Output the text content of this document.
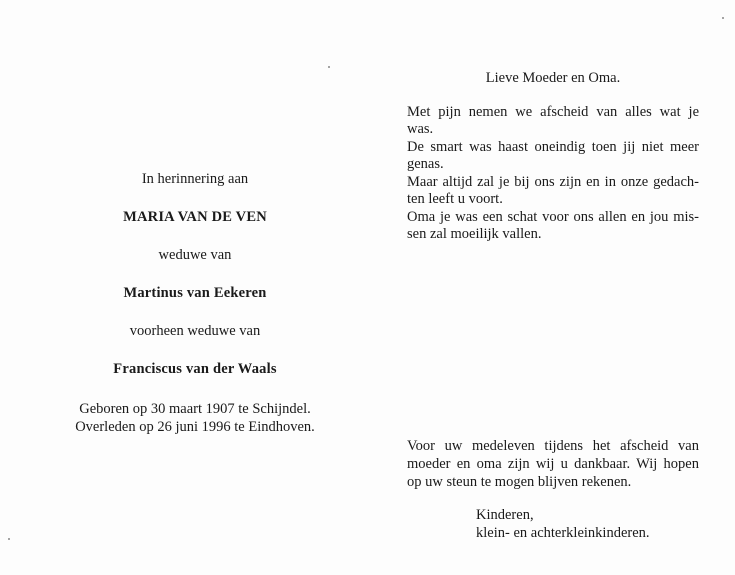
In herinnering aan
MARIA VAN DE VEN
weduwe van
Martinus van Eekeren
voorheen weduwe van
Franciscus van der Waals
Geboren op 30 maart 1907 te Schijndel.
Overleden op 26 juni 1996 te Eindhoven.
Lieve Moeder en Oma.
Met pijn nemen we afscheid van alles wat je
was.
De smart was haast oneindig toen jij niet meer
genas.
Maar altijd zal je bij ons zijn en in onze gedach-
ten leeft u voort.
Oma je was een schat voor ons allen en jou mis-
sen zal moeilijk vallen.
Voor uw medeleven tijdens het afscheid van
moeder en oma zijn wij u dankbaar. Wij hopen
op uw steun te mogen blijven rekenen.
Kinderen,
klein- en achterkleinkinderen.
